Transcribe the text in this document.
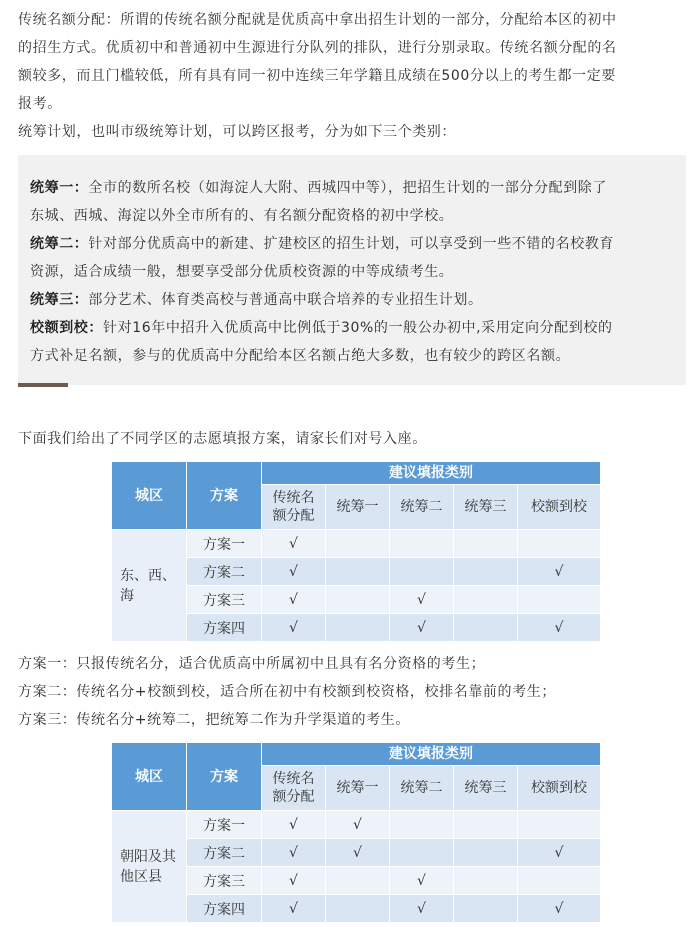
传统名额分配：所谓的传统名额分配就是优质高中拿出招生计划的一部分，分配给本区的初中

的招生方式。优质初中和普通初中生源进行分队列的排队，进行分别录取。传统名额分配的名

额较多，而且门槛较低，所有具有同一初中连续三年学籍且成绩在500分以上的考生都一定要

报考。

统筹计划，也叫市级统筹计划，可以跨区报考，分为如下三个类别：

统筹一：全市的数所名校（如海淀人大附、西城四中等），把招生计划的一部分分配到除了

东城、西城、海淀以外全市所有的、有名额分配资格的初中学校。

统筹二：针对部分优质高中的新建、扩建校区的招生计划，可以享受到一些不错的名校教育

资源，适合成绩一般，想要享受部分优质校资源的中等成绩考生。

统筹三：部分艺术、体育类高校与普通高中联合培养的专业招生计划。

校额到校：针对16年中招升入优质高中比例低于30%的一般公办初中,采用定向分配到校的

方式补足名额，参与的优质高中分配给本区名额占绝大多数，也有较少的跨区名额。

下面我们给出了不同学区的志愿填报方案，请家长们对号入座。

城区	方案	建议填报类别				
		传统名
额分配	统筹一	统筹二	统筹三	校额到校
东、西、
海	方案一	√				
	方案二	√				√
	方案三	√		√		
	方案四	√		√		√

方案一：只报传统名分，适合优质高中所属初中且具有名分资格的考生；

方案二：传统名分+校额到校，适合所在初中有校额到校资格，校排名靠前的考生；

方案三：传统名分+统筹二，把统筹二作为升学渠道的考生。

城区	方案	建议填报类别				
		传统名
额分配	统筹一	统筹二	统筹三	校额到校
朝阳及其
他区县	方案一	√	√			
	方案二	√	√			√
	方案三	√		√		
	方案四	√		√		√
